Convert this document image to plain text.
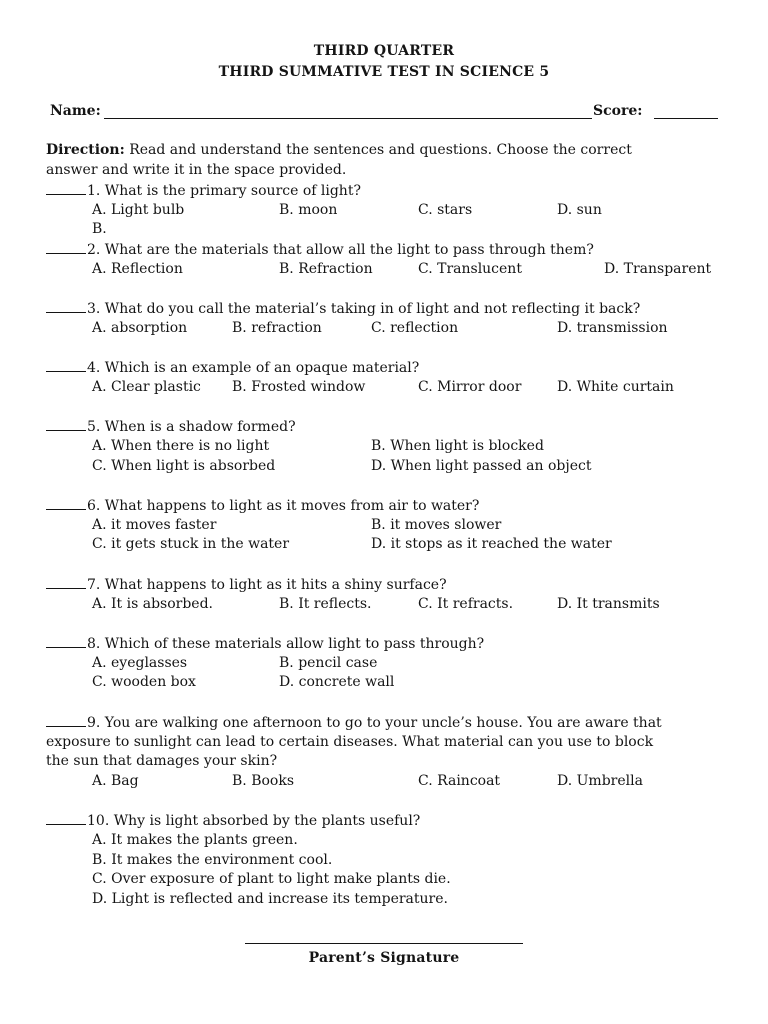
THIRD QUARTER
THIRD SUMMATIVE TEST IN SCIENCE 5
Name:	Score:
Direction: Read and understand the sentences and questions. Choose the correct
answer and write it in the space provided.
1. What is the primary source of light?
A. Light bulb	B. moon	C. stars	D. sun
B.
2. What are the materials that allow all the light to pass through them?
A. Reflection	B. Refraction	C. Translucent	D. Transparent
3. What do you call the material’s taking in of light and not reflecting it back?
A. absorption	B. refraction	C. reflection	D. transmission
4. Which is an example of an opaque material?
A. Clear plastic B. Frosted window	C. Mirror door	D. White curtain
5. When is a shadow formed?
A. When there is no light	B. When light is blocked
C. When light is absorbed	D. When light passed an object
6. What happens to light as it moves from air to water?
A. it moves faster	B. it moves slower
C. it gets stuck in the water	D. it stops as it reached the water
7. What happens to light as it hits a shiny surface?
A. It is absorbed.	B. It reflects.	C. It refracts.	D. It transmits
8. Which of these materials allow light to pass through?
A. eyeglasses	B. pencil case
C. wooden box	D. concrete wall
9. You are walking one afternoon to go to your uncle’s house. You are aware that
exposure to sunlight can lead to certain diseases. What material can you use to block
the sun that damages your skin?
A. Bag	B. Books	C. Raincoat	D. Umbrella
10. Why is light absorbed by the plants useful?
A. It makes the plants green.
B. It makes the environment cool.
C. Over exposure of plant to light make plants die.
D. Light is reflected and increase its temperature.
Parent’s Signature
